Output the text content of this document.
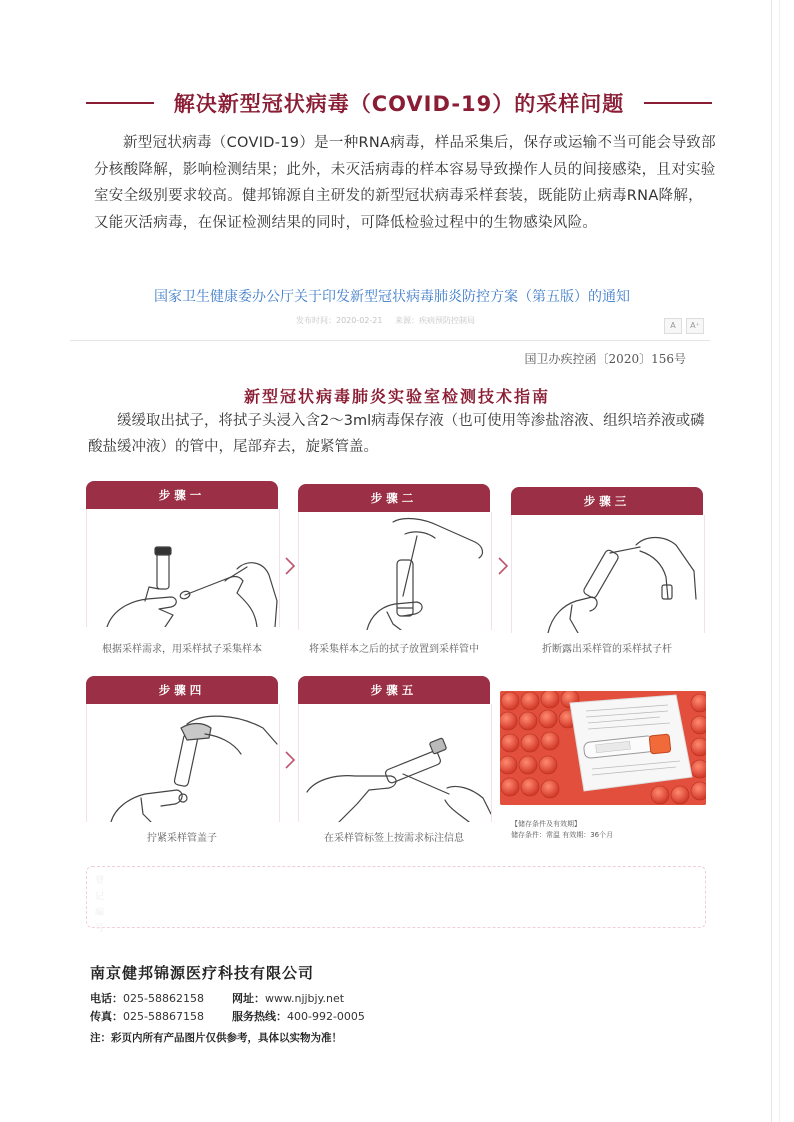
解决新型冠状病毒（COVID-19）的采样问题

新型冠状病毒（COVID-19）是一种RNA病毒，样品采集后，保存或运输不当可能会导致部分核酸降解，影响检测结果；此外，未灭活病毒的样本容易导致操作人员的间接感染，且对实验室安全级别要求较高。健邦锦源自主研发的新型冠状病毒采样套装，既能防止病毒RNA降解，又能灭活病毒，在保证检测结果的同时，可降低检验过程中的生物感染风险。

国家卫生健康委办公厅关于印发新型冠状病毒肺炎防控方案（第五版）的通知
发布时间：2020-02-21 来源：疾病预防控制局
A	A⁺
国卫办疾控函〔2020〕156号
新型冠状病毒肺炎实验室检测技术指南

缓缓取出拭子，将拭子头浸入含2～3ml病毒保存液（也可使用等渗盐溶液、组织培养液或磷酸盐缓冲液）的管中，尾部弃去，旋紧管盖。

步骤一
根据采样需求，用采样拭子采集样本
步骤二
将采集样本之后的拭子放置到采样管中
步骤三
折断露出采样管的采样拭子杆
步骤四
拧紧采样管盖子
步骤五
在采样管标签上按需求标注信息
【储存条件及有效期】
储存条件：常温 有效期：36个月
登记编号
南京健邦锦源医疗科技有限公司
电话：025-58862158	网址：www.njjbjy.net
传真：025-58867158	服务热线：400-992-0005
注：彩页内所有产品图片仅供参考，具体以实物为准！
